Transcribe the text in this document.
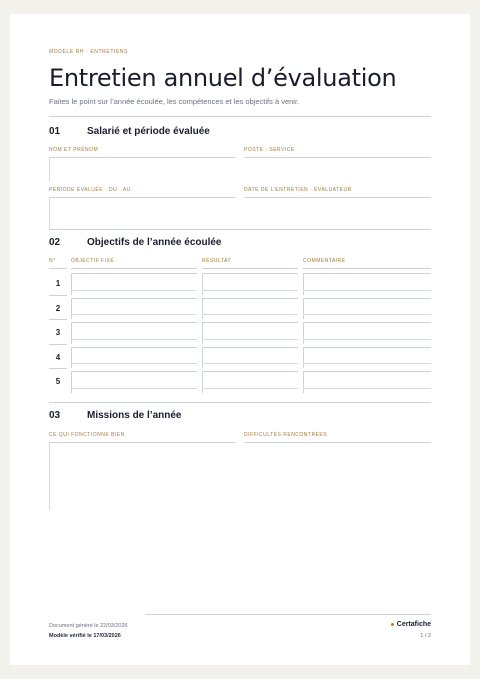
MODÈLE RH · ENTRETIENS
Entretien annuel d’évaluation
Faites le point sur l’année écoulée, les compétences et les objectifs à venir.
01	Salarié et période évaluée
NOM ET PRÉNOM	POSTE · SERVICE
PÉRIODE ÉVALUÉE · DU · AU	DATE DE L’ENTRETIEN · ÉVALUATEUR
02	Objectifs de l’année écoulée
N°	OBJECTIF FIXÉ	RÉSULTAT	COMMENTAIRE
1
2
3
4
5
03	Missions de l’année
CE QUI FONCTIONNE BIEN	DIFFICULTÉS RENCONTRÉES
Document généré le 22/03/2026
Modèle vérifié le 17/03/2026
Certafiche
1 / 2
